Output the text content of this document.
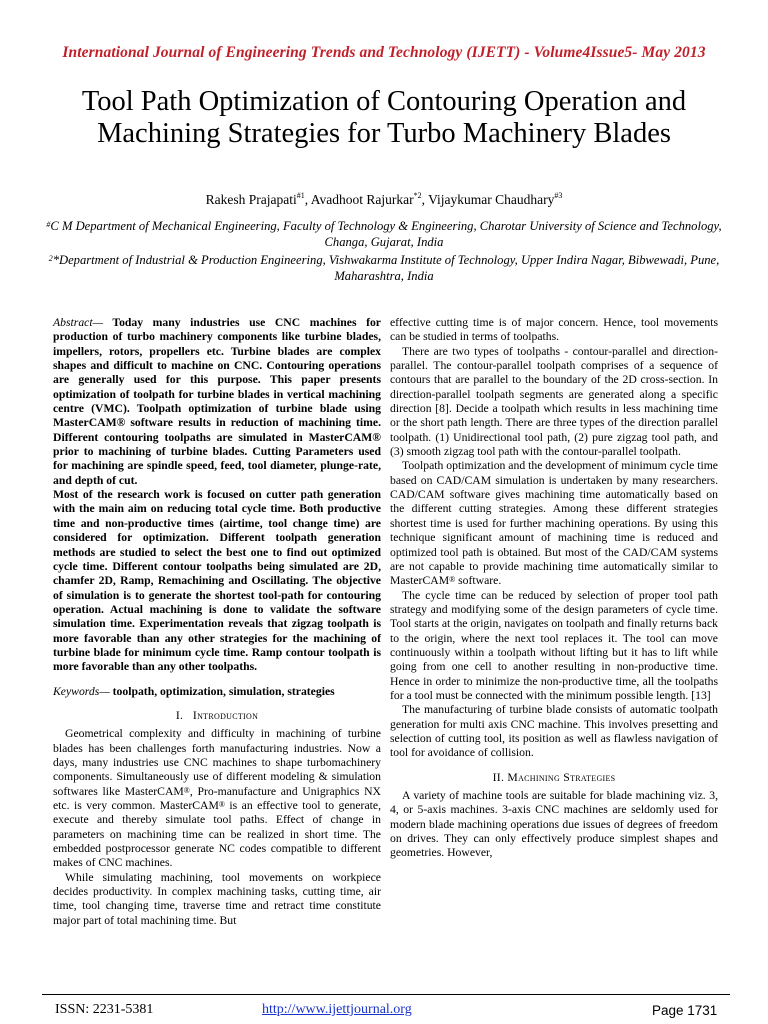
International Journal of Engineering Trends and Technology (IJETT) - Volume4Issue5- May 2013
Tool Path Optimization of Contouring Operation and
Machining Strategies for Turbo Machinery Blades
Rakesh Prajapati$^{\#1}$, Avadhoot Rajurkar$^{*2}$, Vijaykumar Chaudhary$^{\#3}$
#C M Department of Mechanical Engineering, Faculty of Technology & Engineering, Charotar University of Science and Technology, Changa, Gujarat, India
$^2$*Department of Industrial & Production Engineering, Vishwakarma Institute of Technology, Upper Indira Nagar, Bibwewadi, Pune, Maharashtra, India
Abstract— Today many industries use CNC machines for production of turbo machinery components like turbine blades, impellers, rotors, propellers etc. Turbine blades are complex shapes and difficult to machine on CNC. Contouring operations are generally used for this purpose. This paper presents optimization of toolpath for turbine blades in vertical machining centre (VMC). Toolpath optimization of turbine blade using MasterCAM® software results in reduction of machining time. Different contouring toolpaths are simulated in MasterCAM® prior to machining of turbine blades. Cutting Parameters used for machining are spindle speed, feed, tool diameter, plunge-rate, and depth of cut.
Most of the research work is focused on cutter path generation with the main aim on reducing total cycle time. Both productive time and non-productive times (airtime, tool change time) are considered for optimization. Different toolpath generation methods are studied to select the best one to find out optimized cycle time. Different contour toolpaths being simulated are 2D, chamfer 2D, Ramp, Remachining and Oscillating. The objective of simulation is to generate the shortest tool-path for contouring operation. Actual machining is done to validate the software simulation time. Experimentation reveals that zigzag toolpath is more favorable than any other strategies for the machining of turbine blade for minimum cycle time. Ramp contour toolpath is more favorable than any other toolpaths.
Keywords— toolpath, optimization, simulation, strategies
I. Introduction
Geometrical complexity and difficulty in machining of turbine blades has been challenges forth manufacturing industries. Now a days, many industries use CNC machines to shape turbomachinery components. Simultaneously use of different modeling & simulation softwares like MasterCAM®, Pro-manufacture and Unigraphics NX etc. is very common. MasterCAM® is an effective tool to generate, execute and thereby simulate tool paths. Effect of change in parameters on machining time can be realized in short time. The embedded postprocessor generate NC codes compatible to different makes of CNC machines.
While simulating machining, tool movements on workpiece decides productivity. In complex machining tasks, cutting time, air time, tool changing time, traverse time and retract time constitute major part of total machining time. But
effective cutting time is of major concern. Hence, tool movements can be studied in terms of toolpaths.
There are two types of toolpaths - contour-parallel and direction-parallel. The contour-parallel toolpath comprises of a sequence of contours that are parallel to the boundary of the 2D cross-section. In direction-parallel toolpath segments are generated along a specific direction [8]. Decide a toolpath which results in less machining time or the short path length. There are three types of the direction parallel toolpath. (1) Unidirectional tool path, (2) pure zigzag tool path, and (3) smooth zigzag tool path with the contour-parallel toolpath.
Toolpath optimization and the development of minimum cycle time based on CAD/CAM simulation is undertaken by many researchers. CAD/CAM software gives machining time automatically based on the different cutting strategies. Among these different strategies shortest time is used for further machining operations. By using this technique significant amount of machining time is reduced and optimized tool path is obtained. But most of the CAD/CAM systems are not capable to provide machining time automatically similar to MasterCAM® software.
The cycle time can be reduced by selection of proper tool path strategy and modifying some of the design parameters of cycle time. Tool starts at the origin, navigates on toolpath and finally returns back to the origin, where the next tool replaces it. The tool can move continuously within a toolpath without lifting but it has to lift while going from one cell to another resulting in non-productive time. Hence in order to minimize the non-productive time, all the toolpaths for a tool must be connected with the minimum possible length. [13]
The manufacturing of turbine blade consists of automatic toolpath generation for multi axis CNC machine. This involves presetting and selection of cutting tool, its position as well as flawless navigation of tool for avoidance of collision.
II. Machining Strategies
A variety of machine tools are suitable for blade machining viz. 3, 4, or 5-axis machines. 3-axis CNC machines are seldomly used for modern blade machining operations due issues of degrees of freedom on drives. They can only effectively produce simplest shapes and geometries. However,
ISSN: 2231-5381	http://www.ijettjournal.org	Page 1731
